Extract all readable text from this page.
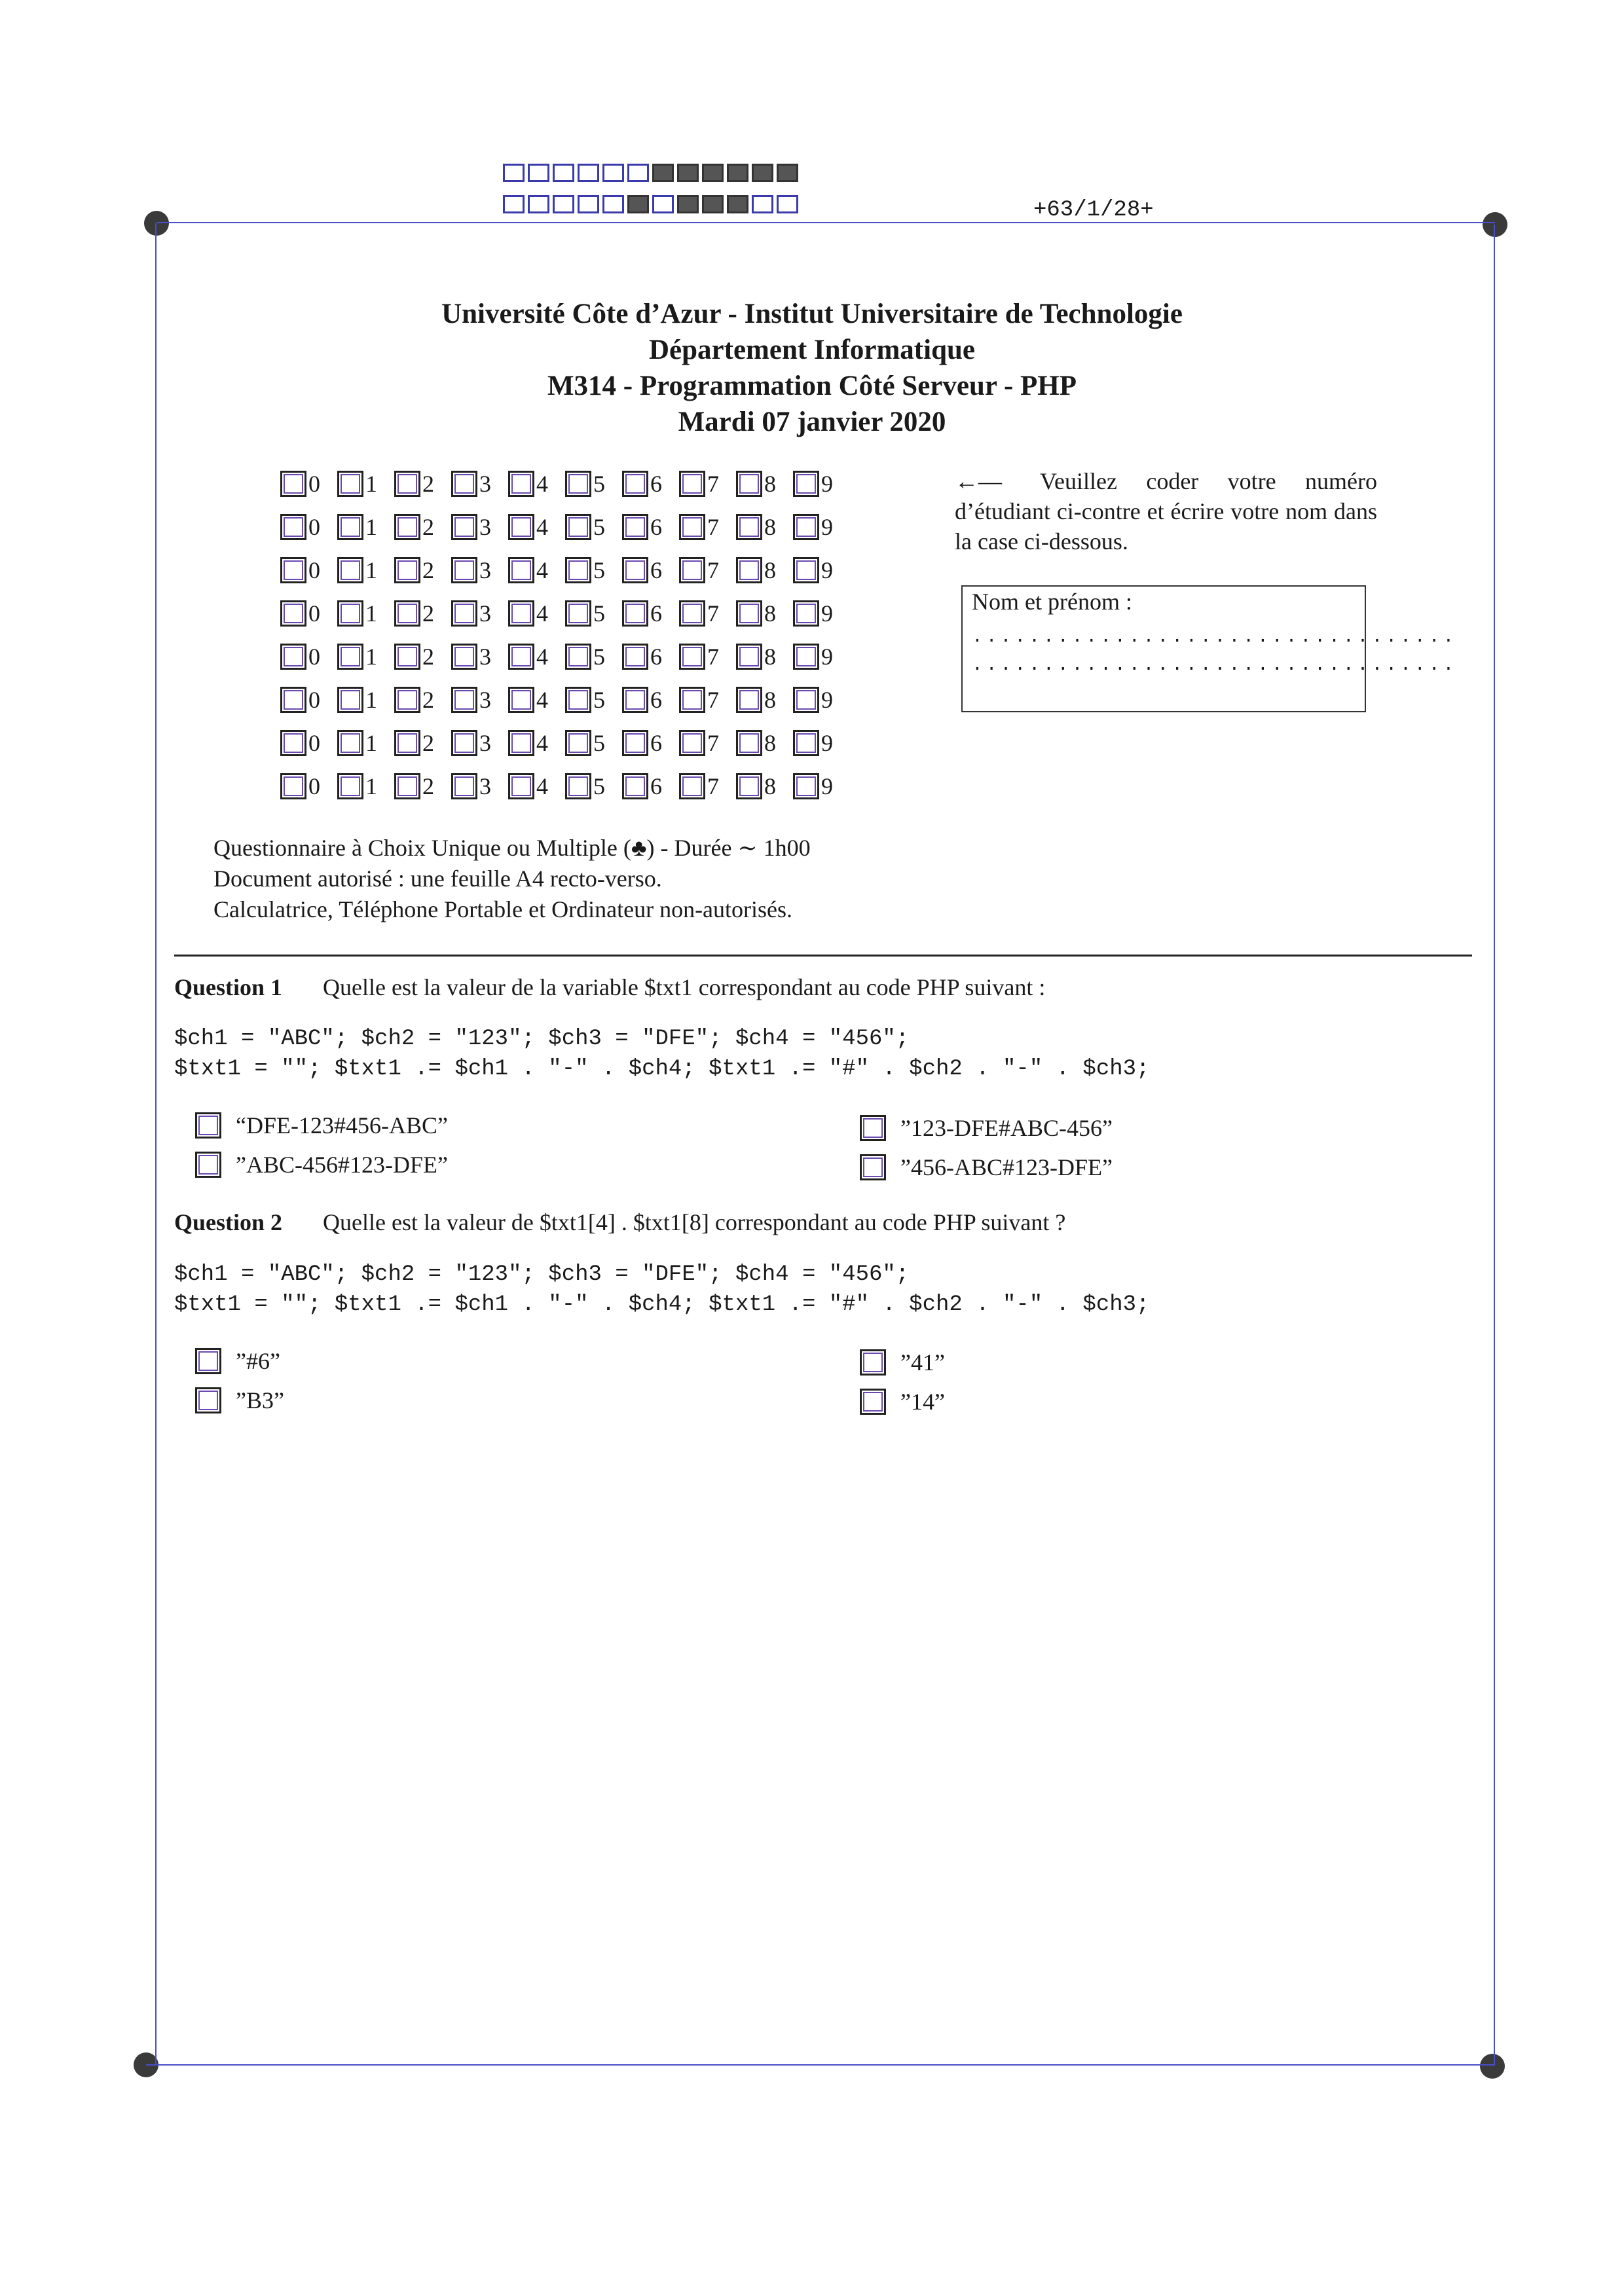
+63/1/28+
Université Côte d’Azur - Institut Universitaire de Technologie
Département Informatique
M314 - Programmation Côté Serveur - PHP
Mardi 07 janvier 2020
0 1 2 3 4 5 6 7 8 9
0 1 2 3 4 5 6 7 8 9
0 1 2 3 4 5 6 7 8 9
0 1 2 3 4 5 6 7 8 9
0 1 2 3 4 5 6 7 8 9
0 1 2 3 4 5 6 7 8 9
0 1 2 3 4 5 6 7 8 9
0 1 2 3 4 5 6 7 8 9
←— Veuillez coder votre numéro d’étudiant ci-contre et écrire votre nom dans la case ci-dessous.
Nom et prénom :
..................................
..................................
Questionnaire à Choix Unique ou Multiple (♣) - Durée ∼ 1h00
Document autorisé : une feuille A4 recto-verso.
Calculatrice, Téléphone Portable et Ordinateur non-autorisés.
Question 1 Quelle est la valeur de la variable $txt1 correspondant au code PHP suivant :
$ch1 = "ABC"; $ch2 = "123"; $ch3 = "DFE"; $ch4 = "456";
$txt1 = ""; $txt1 .= $ch1 . "-" . $ch4; $txt1 .= "#" . $ch2 . "-" . $ch3;
“DFE-123#456-ABC”	”123-DFE#ABC-456”
”ABC-456#123-DFE”	”456-ABC#123-DFE”
Question 2 Quelle est la valeur de $txt1[4] . $txt1[8] correspondant au code PHP suivant ?
$ch1 = "ABC"; $ch2 = "123"; $ch3 = "DFE"; $ch4 = "456";
$txt1 = ""; $txt1 .= $ch1 . "-" . $ch4; $txt1 .= "#" . $ch2 . "-" . $ch3;
”#6”	”41”
”B3”	”14”
